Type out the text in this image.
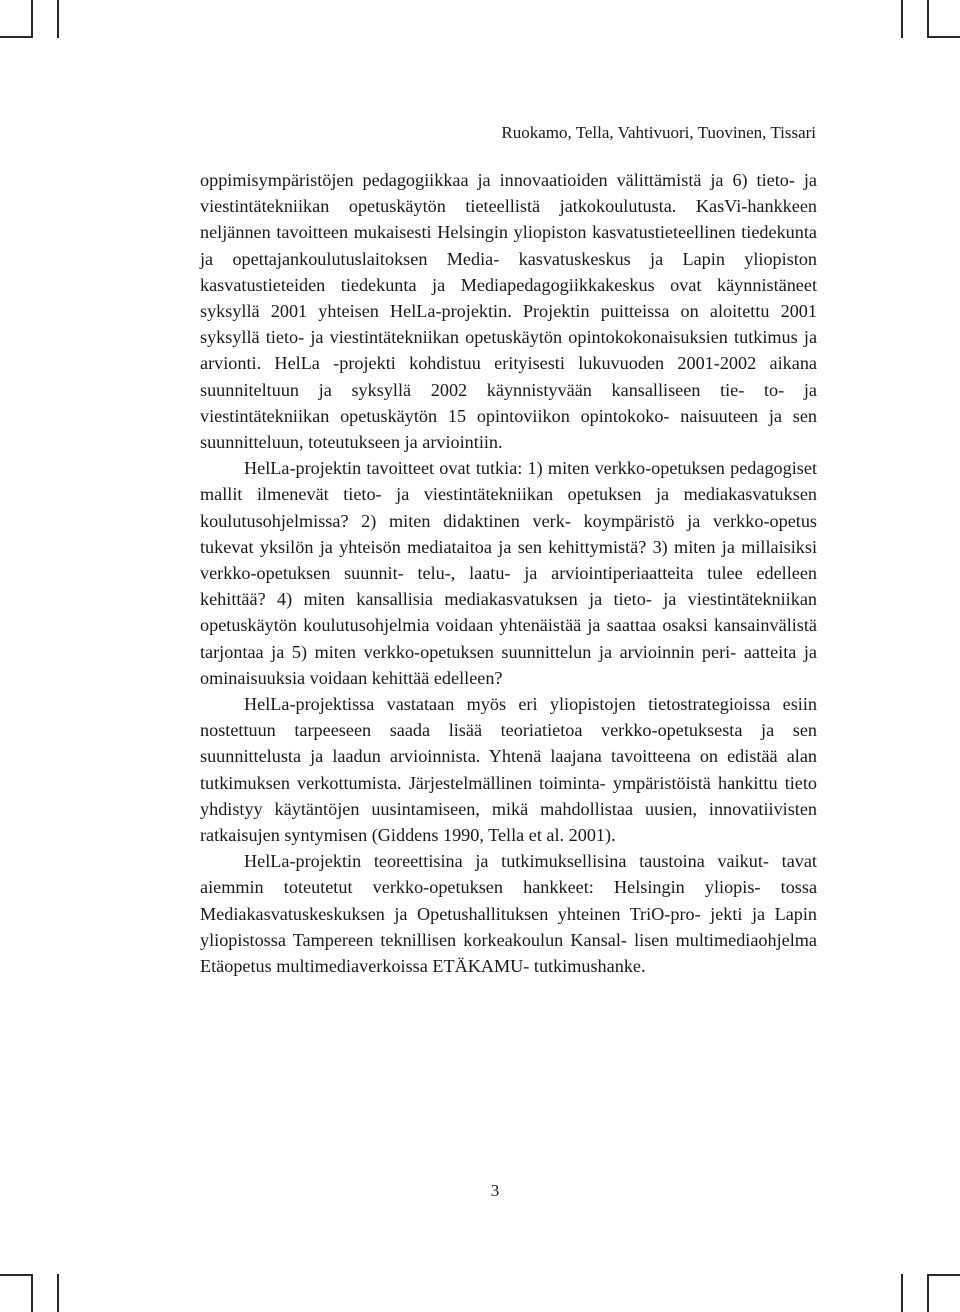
Ruokamo, Tella, Vahtivuori, Tuovinen, Tissari

oppimisympäristöjen pedagogiikkaa ja innovaatioiden välittämistä ja 6) tieto- ja viestintätekniikan opetuskäytön tieteellistä jatkokoulutusta. KasVi-hankkeen neljännen tavoitteen mukaisesti Helsingin yliopiston kasvatustieteellinen tiedekunta ja opettajankoulutuslaitoksen Media- kasvatuskeskus ja Lapin yliopiston kasvatustieteiden tiedekunta ja Mediapedagogiikkakeskus ovat käynnistäneet syksyllä 2001 yhteisen HelLa-projektin. Projektin puitteissa on aloitettu 2001 syksyllä tieto- ja viestintätekniikan opetuskäytön opintokokonaisuksien tutkimus ja arvionti. HelLa -projekti kohdistuu erityisesti lukuvuoden 2001-2002 aikana suunniteltuun ja syksyllä 2002 käynnistyvään kansalliseen tie- to- ja viestintätekniikan opetuskäytön 15 opintoviikon opintokoko- naisuuteen ja sen suunnitteluun, toteutukseen ja arviointiin.

HelLa-projektin tavoitteet ovat tutkia: 1) miten verkko-opetuksen pedagogiset mallit ilmenevät tieto- ja viestintätekniikan opetuksen ja mediakasvatuksen koulutusohjelmissa? 2) miten didaktinen verk- koympäristö ja verkko-opetus tukevat yksilön ja yhteisön mediataitoa ja sen kehittymistä? 3) miten ja millaisiksi verkko-opetuksen suunnit- telu-, laatu- ja arviointiperiaatteita tulee edelleen kehittää? 4) miten kansallisia mediakasvatuksen ja tieto- ja viestintätekniikan opetuskäytön koulutusohjelmia voidaan yhtenäistää ja saattaa osaksi kansainvälistä tarjontaa ja 5) miten verkko-opetuksen suunnittelun ja arvioinnin peri- aatteita ja ominaisuuksia voidaan kehittää edelleen?

HelLa-projektissa vastataan myös eri yliopistojen tietostrategioissa esiin nostettuun tarpeeseen saada lisää teoriatietoa verkko-opetuksesta ja sen suunnittelusta ja laadun arvioinnista. Yhtenä laajana tavoitteena on edistää alan tutkimuksen verkottumista. Järjestelmällinen toiminta- ympäristöistä hankittu tieto yhdistyy käytäntöjen uusintamiseen, mikä mahdollistaa uusien, innovatiivisten ratkaisujen syntymisen (Giddens 1990, Tella et al. 2001).

HelLa-projektin teoreettisina ja tutkimuksellisina taustoina vaikut- tavat aiemmin toteutetut verkko-opetuksen hankkeet: Helsingin yliopis- tossa Mediakasvatuskeskuksen ja Opetushallituksen yhteinen TriO-pro- jekti ja Lapin yliopistossa Tampereen teknillisen korkeakoulun Kansal- lisen multimediaohjelma Etäopetus multimediaverkoissa ETÄKAMU- tutkimushanke.

3
